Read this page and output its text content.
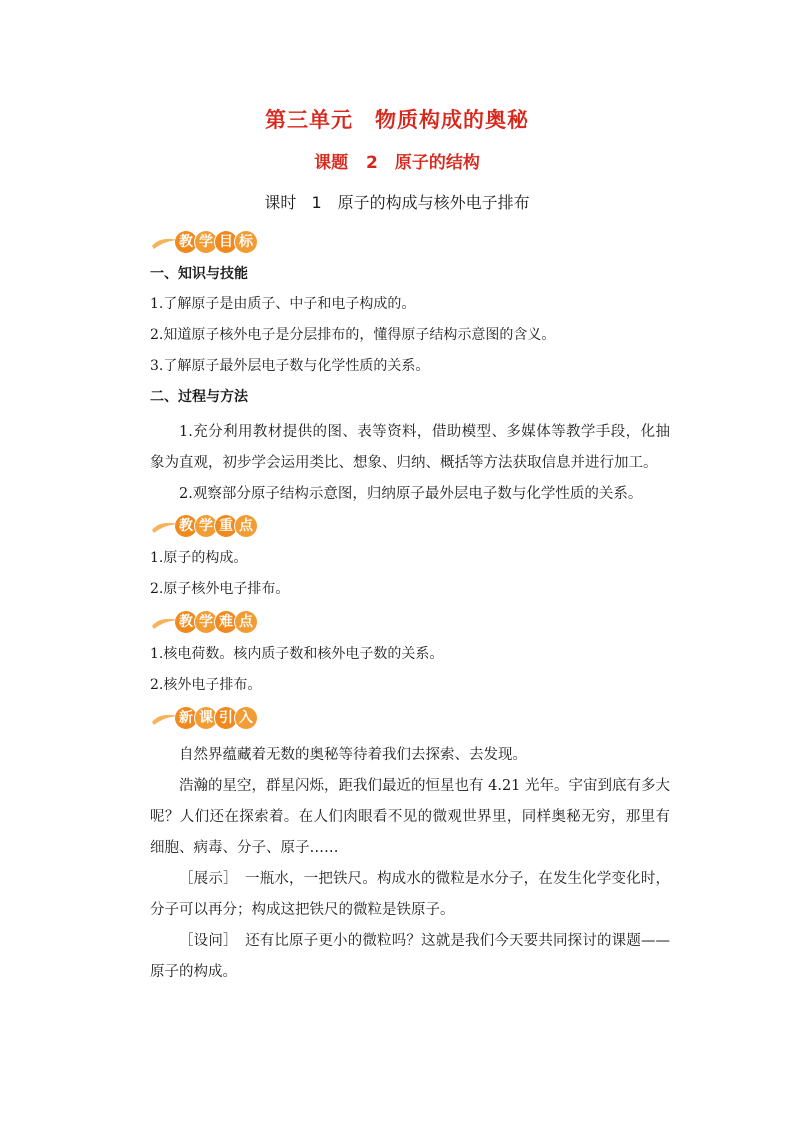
第三单元　物质构成的奥秘
课题 2　原子的结构
课时 1　原子的构成与核外电子排布
教 学 目 标
一、知识与技能
1.了解原子是由质子、中子和电子构成的。
2.知道原子核外电子是分层排布的，懂得原子结构示意图的含义。
3.了解原子最外层电子数与化学性质的关系。
二、过程与方法

1.充分利用教材提供的图、表等资料，借助模型、多媒体等教学手段，化抽象为直观，初步学会运用类比、想象、归纳、概括等方法获取信息并进行加工。

2.观察部分原子结构示意图，归纳原子最外层电子数与化学性质的关系。

教 学 重 点
1.原子的构成。
2.原子核外电子排布。
教 学 难 点
1.核电荷数。核内质子数和核外电子数的关系。
2.核外电子排布。
新 课 引 入

自然界蕴藏着无数的奥秘等待着我们去探索、去发现。

浩瀚的星空，群星闪烁，距我们最近的恒星也有 4.21 光年。宇宙到底有多大呢？人们还在探索着。在人们肉眼看不见的微观世界里，同样奥秘无穷，那里有细胞、病毒、分子、原子……

［展示］　一瓶水，一把铁尺。构成水的微粒是水分子，在发生化学变化时，分子可以再分；构成这把铁尺的微粒是铁原子。

［设问］　还有比原子更小的微粒吗？这就是我们今天要共同探讨的课题——原子的构成。
